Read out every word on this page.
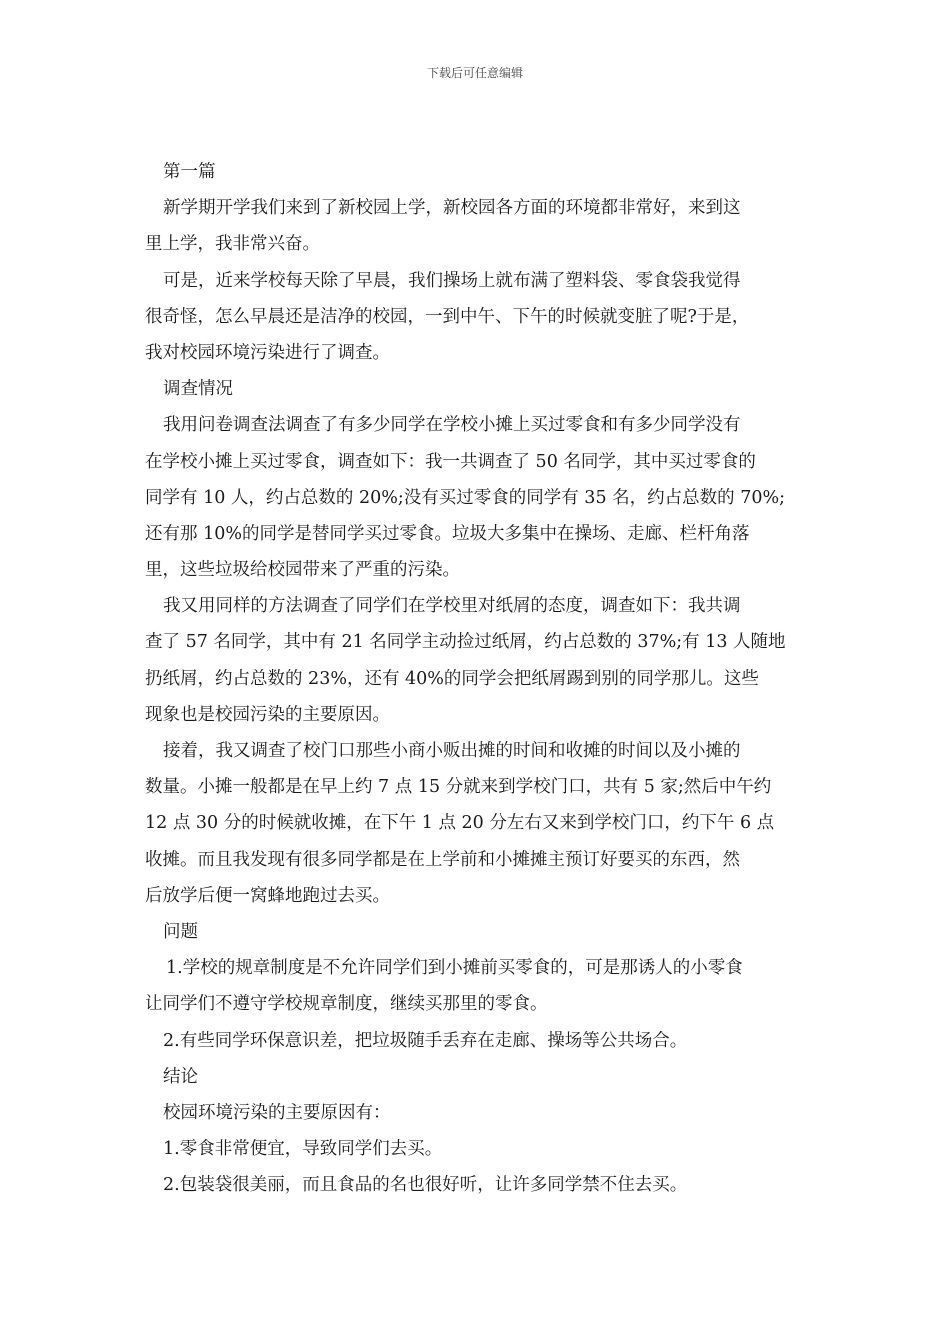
下载后可任意编辑

第一篇

新学期开学我们来到了新校园上学，新校园各方面的环境都非常好，来到这

里上学，我非常兴奋。

可是，近来学校每天除了早晨，我们操场上就布满了塑料袋、零食袋我觉得

很奇怪，怎么早晨还是洁净的校园，一到中午、下午的时候就变脏了呢?于是，

我对校园环境污染进行了调查。

调查情况

我用问卷调查法调查了有多少同学在学校小摊上买过零食和有多少同学没有

在学校小摊上买过零食，调查如下：我一共调查了 50 名同学，其中买过零食的

同学有 10 人，约占总数的 20%;没有买过零食的同学有 35 名，约占总数的 70%;

还有那 10%的同学是替同学买过零食。垃圾大多集中在操场、走廊、栏杆角落

里，这些垃圾给校园带来了严重的污染。

我又用同样的方法调查了同学们在学校里对纸屑的态度，调查如下：我共调

查了 57 名同学，其中有 21 名同学主动捡过纸屑，约占总数的 37%;有 13 人随地

扔纸屑，约占总数的 23%，还有 40%的同学会把纸屑踢到别的同学那儿。这些

现象也是校园污染的主要原因。

接着，我又调查了校门口那些小商小贩出摊的时间和收摊的时间以及小摊的

数量。小摊一般都是在早上约 7 点 15 分就来到学校门口，共有 5 家;然后中午约

12 点 30 分的时候就收摊，在下午 1 点 20 分左右又来到学校门口，约下午 6 点

收摊。而且我发现有很多同学都是在上学前和小摊摊主预订好要买的东西，然

后放学后便一窝蜂地跑过去买。

问题

1.学校的规章制度是不允许同学们到小摊前买零食的，可是那诱人的小零食

让同学们不遵守学校规章制度，继续买那里的零食。

2.有些同学环保意识差，把垃圾随手丢弃在走廊、操场等公共场合。

结论

校园环境污染的主要原因有：

1.零食非常便宜，导致同学们去买。

2.包装袋很美丽，而且食品的名也很好听，让许多同学禁不住去买。
